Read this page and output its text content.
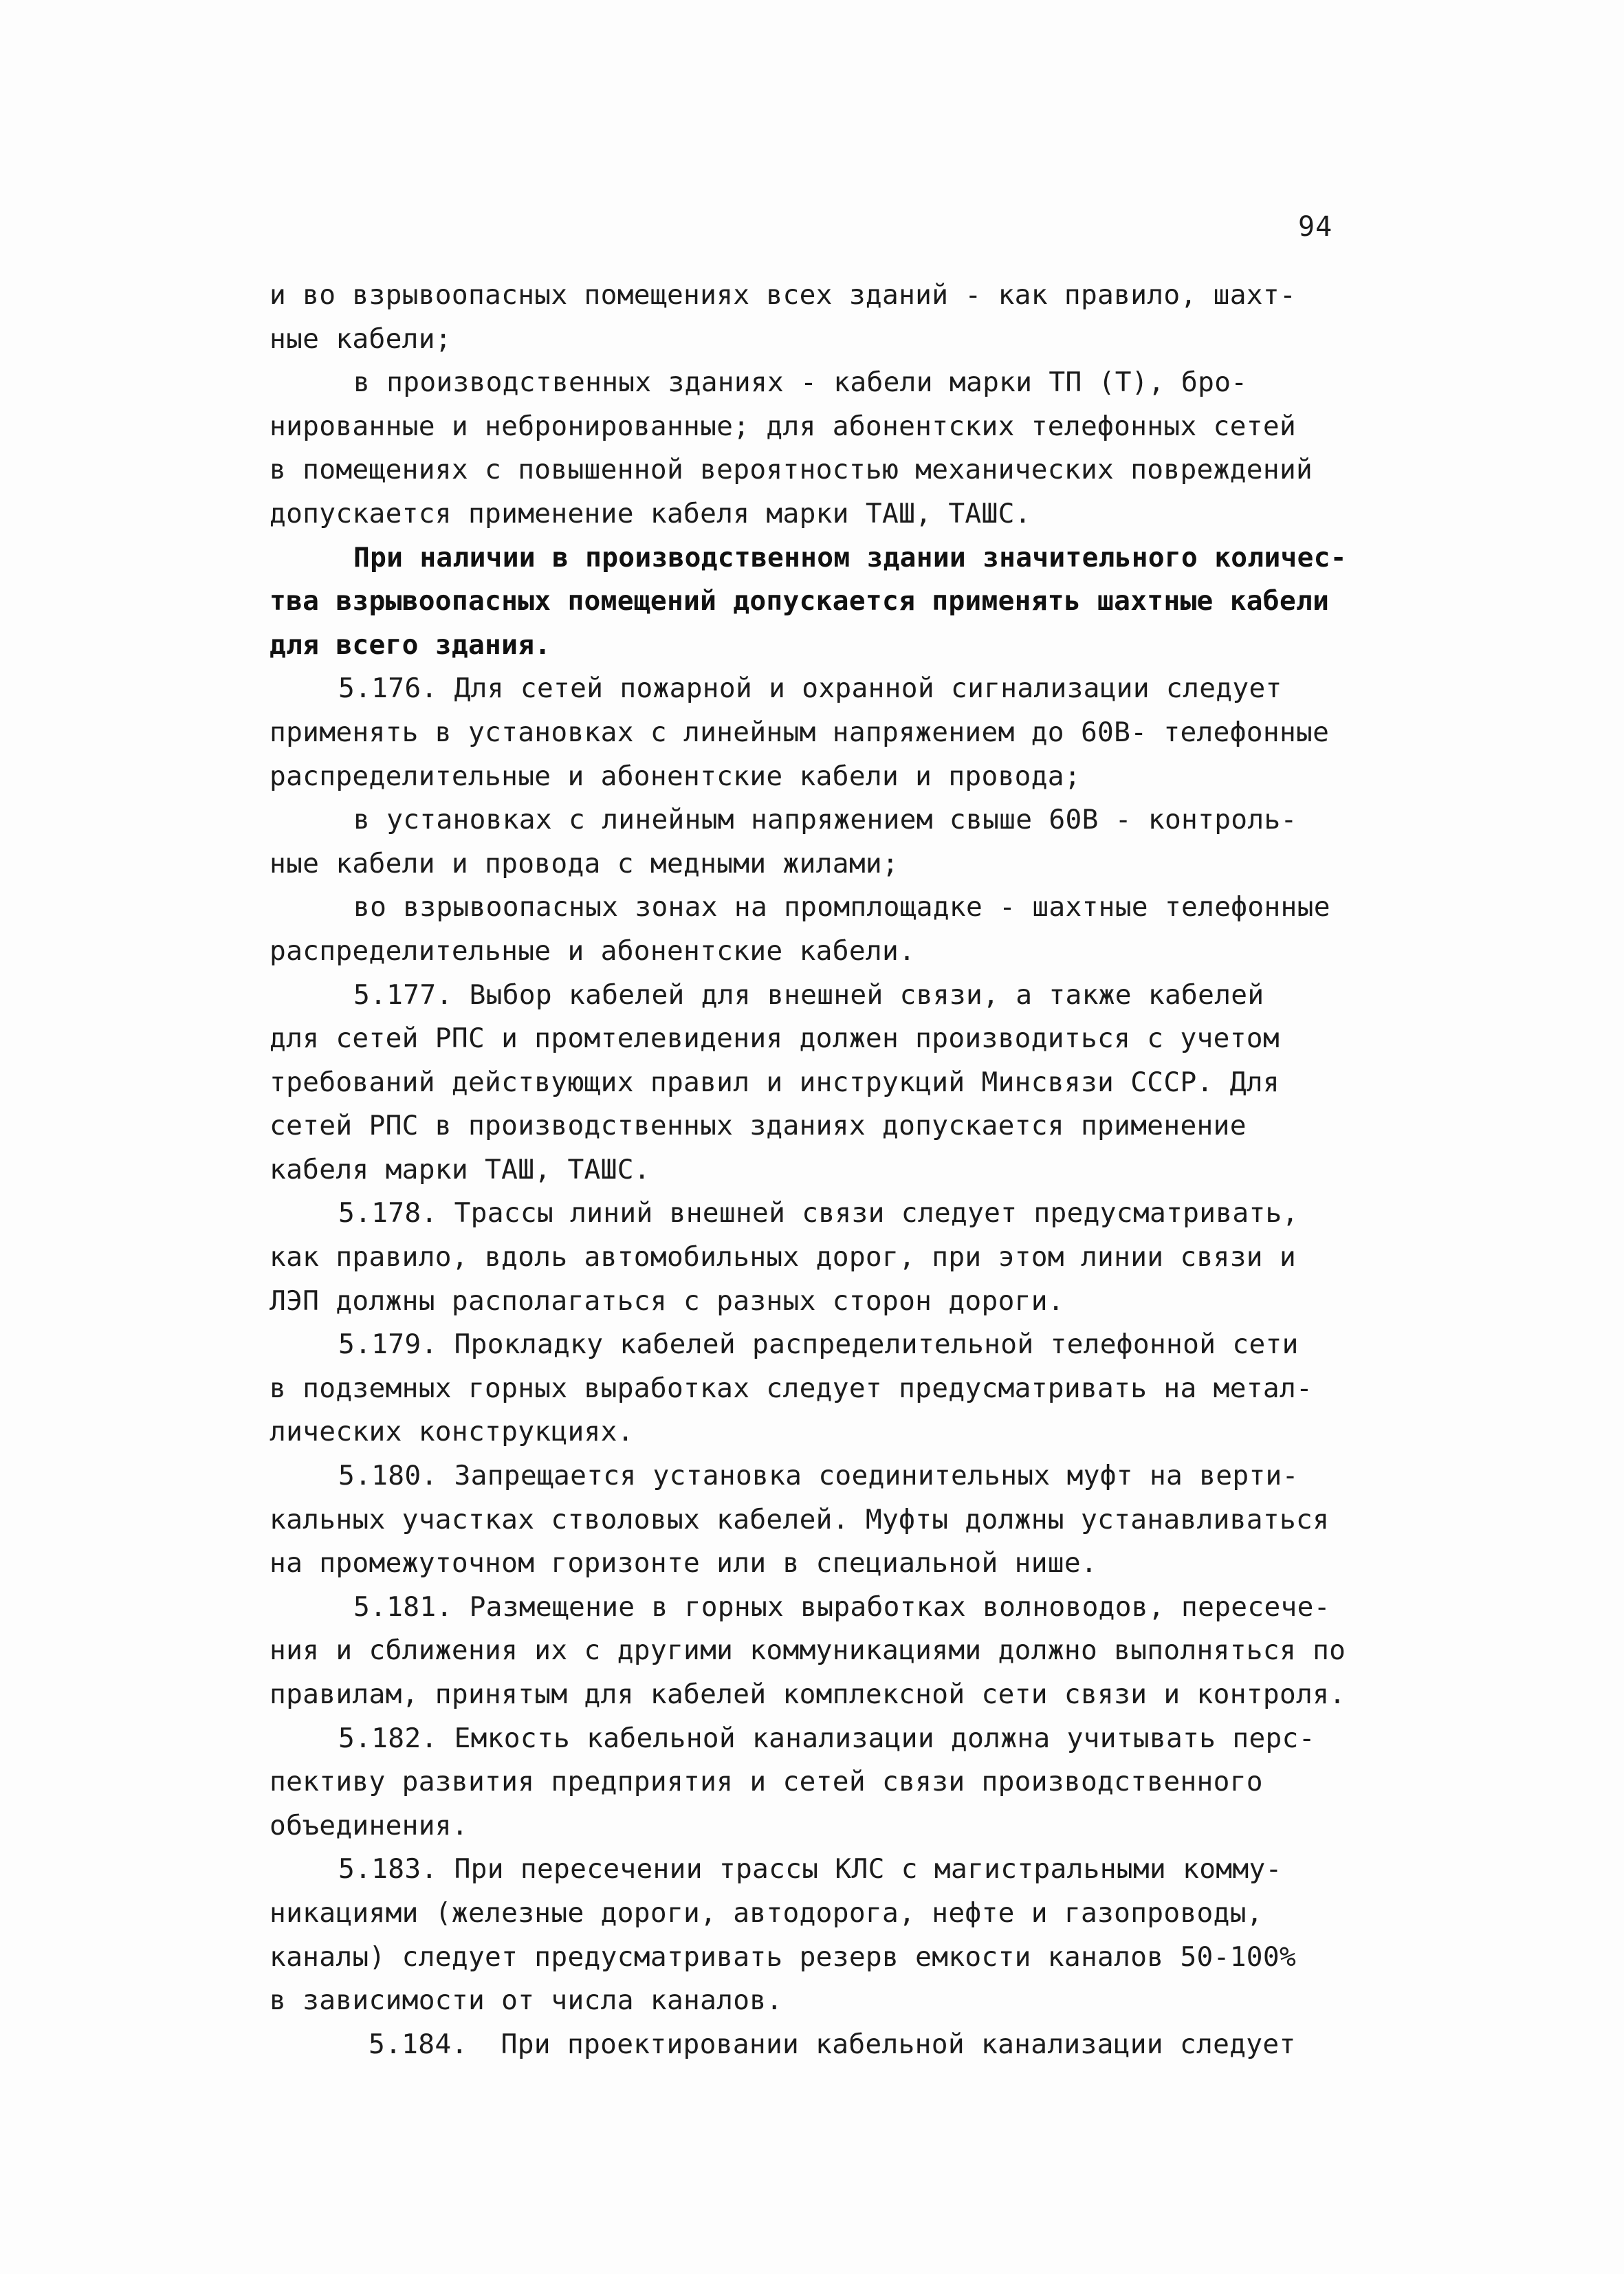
94
и во взрывоопасных помещениях всех зданий - как правило, шахт-
ные кабели;
в производственных зданиях - кабели марки ТП (Т), бро-
нированные и небронированные; для абонентских телефонных сетей
в помещениях с повышенной вероятностью механических повреждений
допускается применение кабеля марки ТАШ, ТАШС.
При наличии в производственном здании значительного количес-
тва взрывоопасных помещений допускается применять шахтные кабели
для всего здания.
5.176. Для сетей пожарной и охранной сигнализации следует
применять в установках с линейным напряжением до 60В- телефонные
распределительные и абонентские кабели и провода;
в установках с линейным напряжением свыше 60В - контроль-
ные кабели и провода с медными жилами;
во взрывоопасных зонах на промплощадке - шахтные телефонные
распределительные и абонентские кабели.
5.177. Выбор кабелей для внешней связи, а также кабелей
для сетей РПС и промтелевидения должен производиться с учетом
требований действующих правил и инструкций Минсвязи СССР. Для
сетей РПС в производственных зданиях допускается применение
кабеля марки ТАШ, ТАШС.
5.178. Трассы линий внешней связи следует предусматривать,
как правило, вдоль автомобильных дорог, при этом линии связи и
ЛЭП должны располагаться с разных сторон дороги.
5.179. Прокладку кабелей распределительной телефонной сети
в подземных горных выработках следует предусматривать на метал-
лических конструкциях.
5.180. Запрещается установка соединительных муфт на верти-
кальных участках стволовых кабелей. Муфты должны устанавливаться
на промежуточном горизонте или в специальной нише.
5.181. Размещение в горных выработках волноводов, пересече-
ния и сближения их с другими коммуникациями должно выполняться по
правилам, принятым для кабелей комплексной сети связи и контроля.
5.182. Емкость кабельной канализации должна учитывать перс-
пективу развития предприятия и сетей связи производственного
объединения.
5.183. При пересечении трассы КЛС с магистральными комму-
никациями (железные дороги, автодорога, нефте и газопроводы,
каналы) следует предусматривать резерв емкости каналов 50-100%
в зависимости от числа каналов.
5.184.  При проектировании кабельной канализации следует
